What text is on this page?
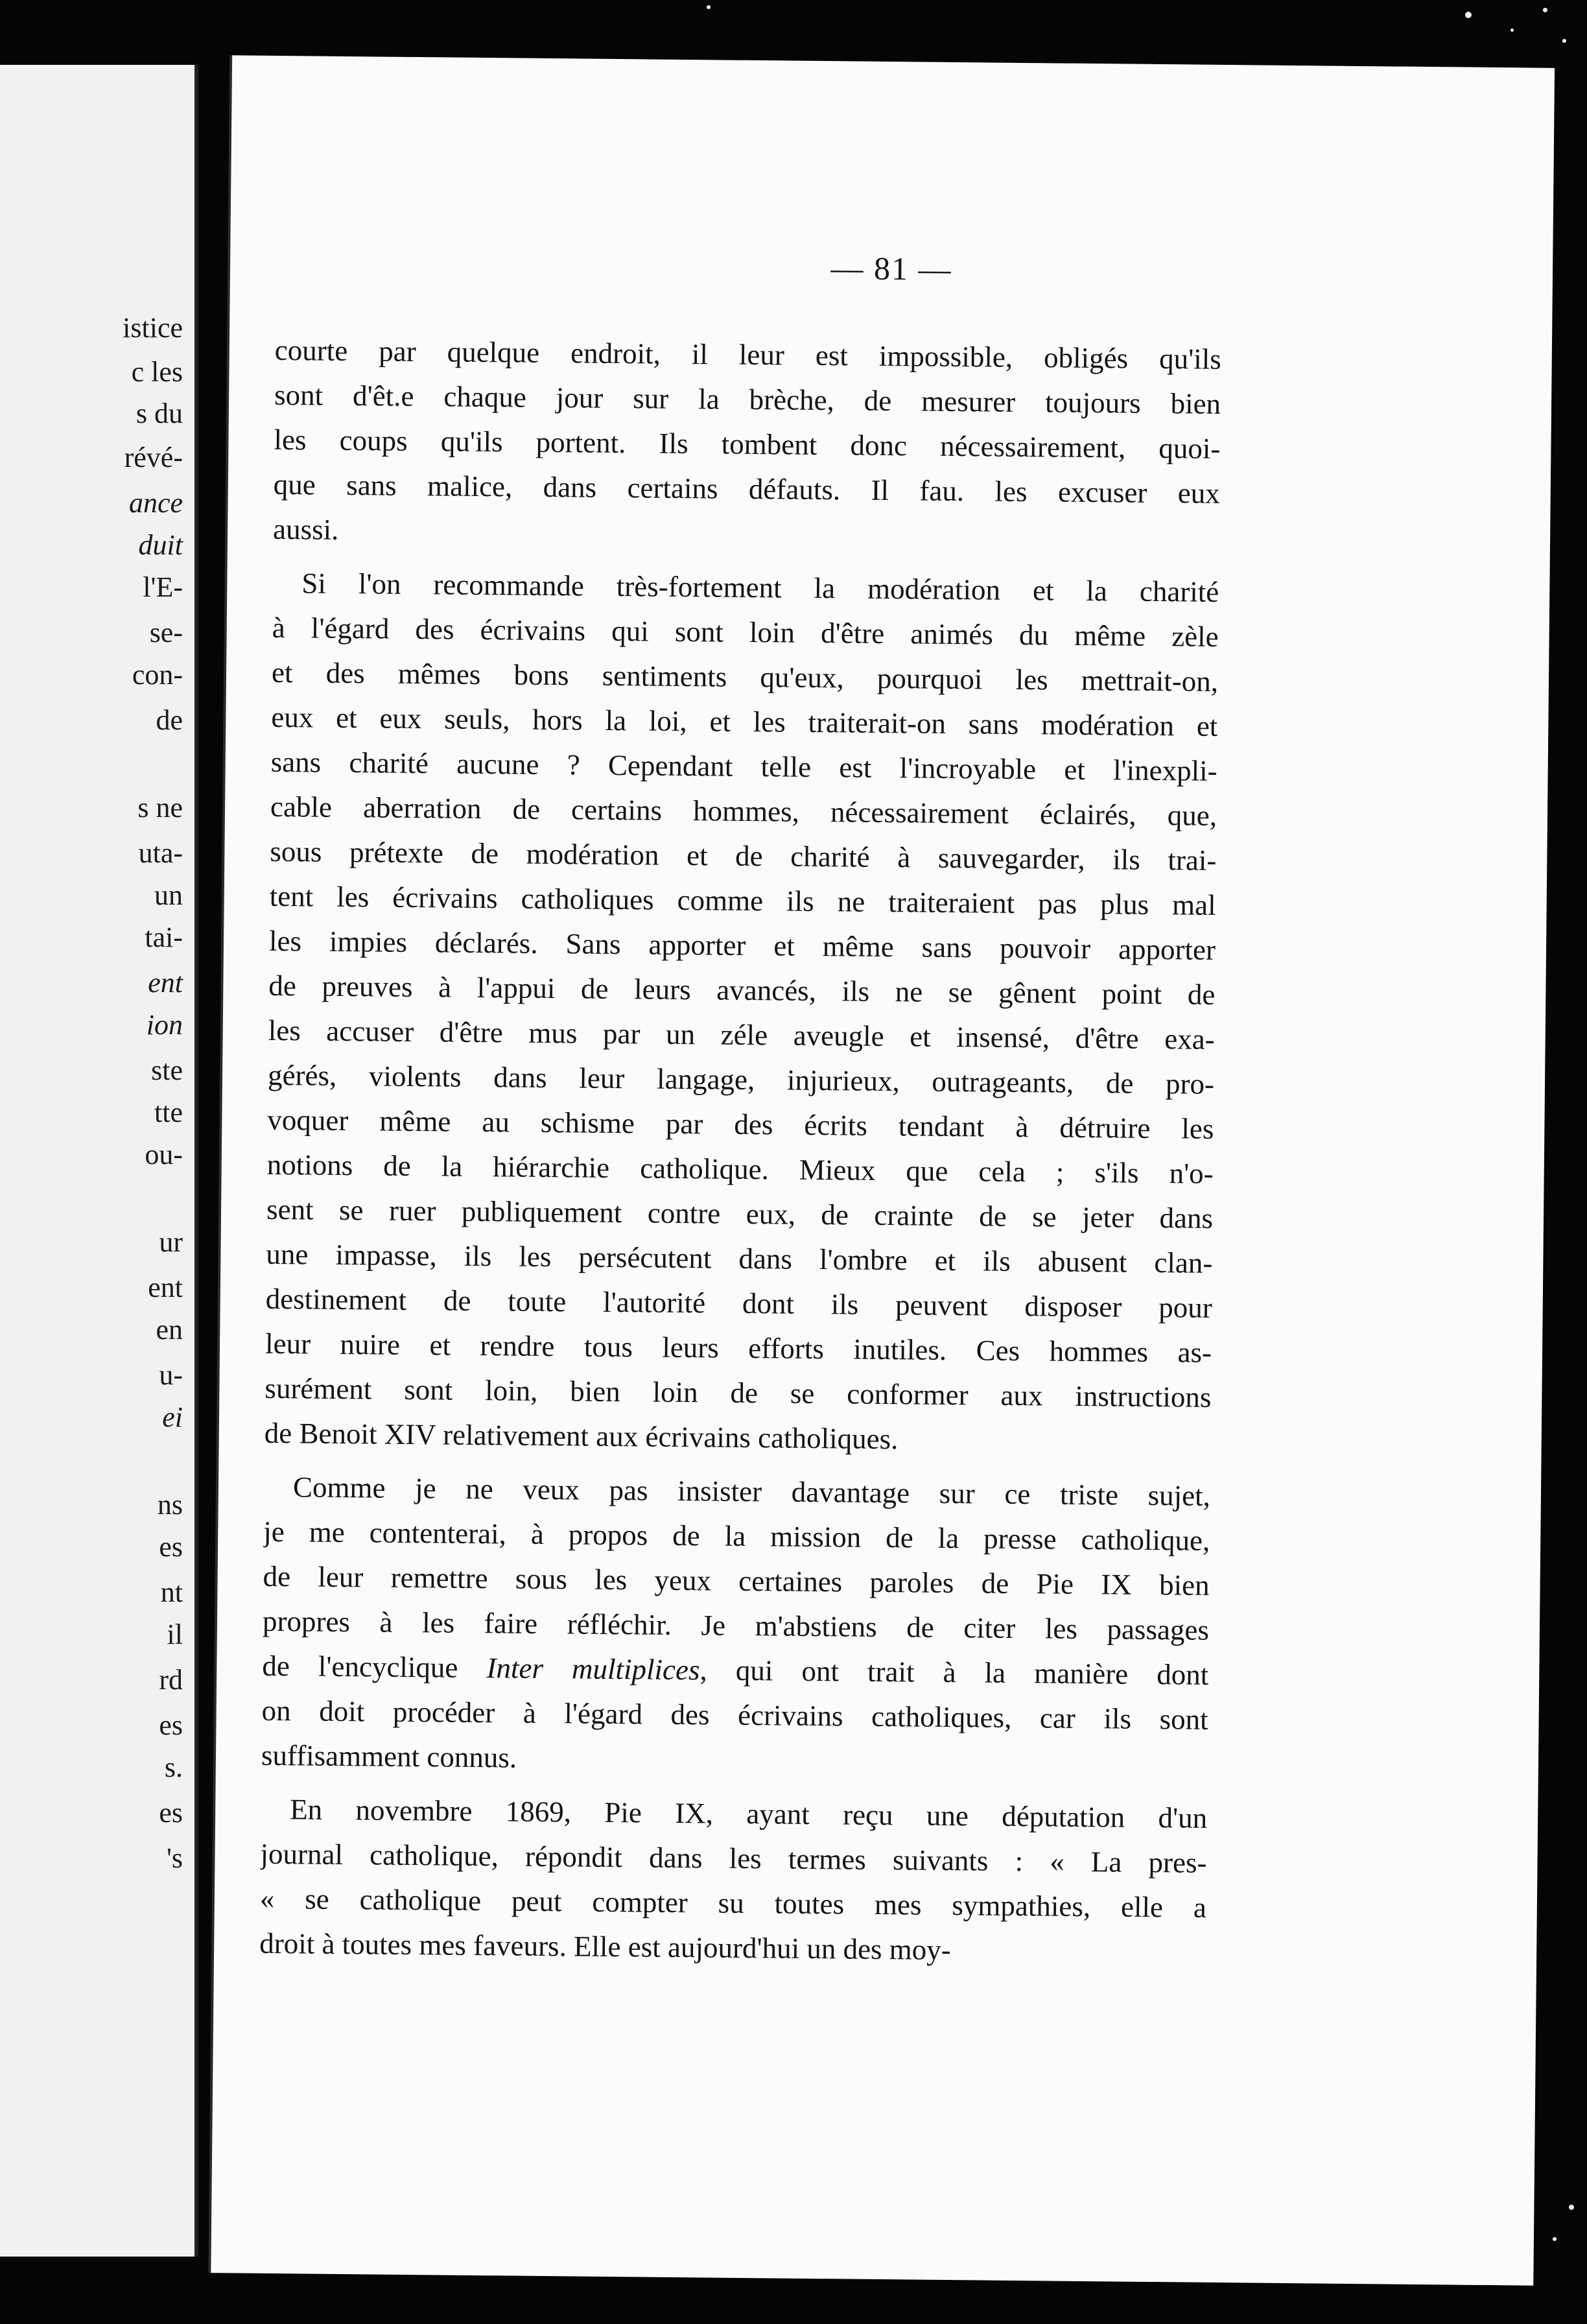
istice
c les
s du
révé-
ance
duit
l'E-
se-
con-
de
s ne
uta-
un
tai-
ent
ion
ste
tte
ou-
ur
ent
en
u-
ei
ns
es
nt
il
rd
es
s.
es
's
— 81 —
courte par quelque endroit, il leur est impossible, obligés qu'ils
sont d'êt.e chaque jour sur la brèche, de mesurer toujours bien
les coups qu'ils portent. Ils tombent donc nécessairement, quoi-
que sans malice, dans certains défauts. Il fau. les excuser eux
aussi.
Si l'on recommande très-fortement la modération et la charité
à l'égard des écrivains qui sont loin d'être animés du même zèle
et des mêmes bons sentiments qu'eux, pourquoi les mettrait-on,
eux et eux seuls, hors la loi, et les traiterait-on sans modération et
sans charité aucune ? Cependant telle est l'incroyable et l'inexpli-
cable aberration de certains hommes, nécessairement éclairés, que,
sous prétexte de modération et de charité à sauvegarder, ils trai-
tent les écrivains catholiques comme ils ne traiteraient pas plus mal
les impies déclarés. Sans apporter et même sans pouvoir apporter
de preuves à l'appui de leurs avancés, ils ne se gênent point de
les accuser d'être mus par un zéle aveugle et insensé, d'être exa-
gérés, violents dans leur langage, injurieux, outrageants, de pro-
voquer même au schisme par des écrits tendant à détruire les
notions de la hiérarchie catholique. Mieux que cela ; s'ils n'o-
sent se ruer publiquement contre eux, de crainte de se jeter dans
une impasse, ils les persécutent dans l'ombre et ils abusent clan-
destinement de toute l'autorité dont ils peuvent disposer pour
leur nuire et rendre tous leurs efforts inutiles. Ces hommes as-
surément sont loin, bien loin de se conformer aux instructions
de Benoit XIV relativement aux écrivains catholiques.
Comme je ne veux pas insister davantage sur ce triste sujet,
je me contenterai, à propos de la mission de la presse catholique,
de leur remettre sous les yeux certaines paroles de Pie IX bien
propres à les faire réfléchir. Je m'abstiens de citer les passages
de l'encyclique Inter multiplices, qui ont trait à la manière dont
on doit procéder à l'égard des écrivains catholiques, car ils sont
suffisamment connus.
En novembre 1869, Pie IX, ayant reçu une députation d'un
journal catholique, répondit dans les termes suivants : « La pres-
« se catholique peut compter su toutes mes sympathies, elle a
droit à toutes mes faveurs. Elle est aujourd'hui un des moy-
